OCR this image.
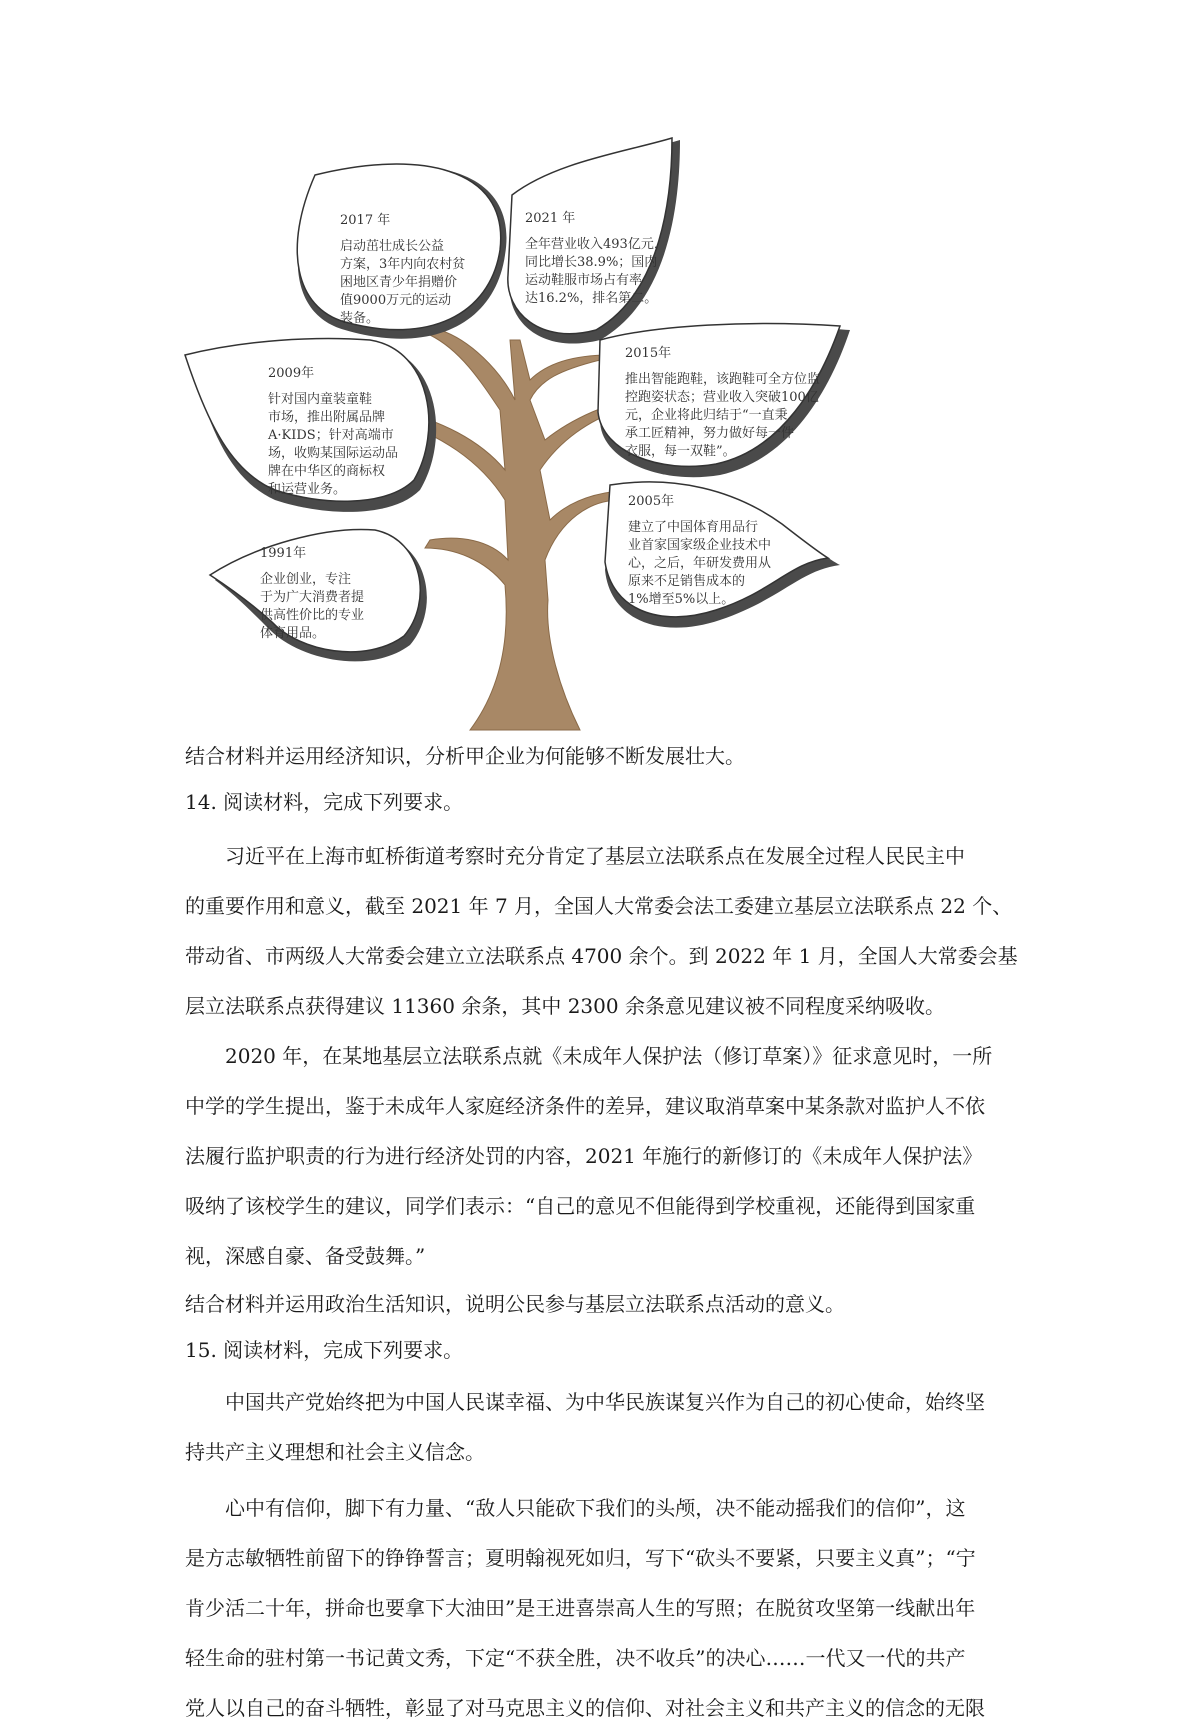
2017 年
启动茁壮成长公益
方案，3年内向农村贫
困地区青少年捐赠价
值9000万元的运动
装备。
2021 年
全年营业收入493亿元，
同比增长38.9%；国内
运动鞋服市场占有率
达16.2%，排名第二。
2009年
针对国内童装童鞋
市场，推出附属品牌
A·KIDS；针对高端市
场，收购某国际运动品
牌在中华区的商标权
和运营业务。
2015年
推出智能跑鞋，该跑鞋可全方位监
控跑姿状态；营业收入突破100亿
元，企业将此归结于“一直秉
承工匠精神，努力做好每一件
衣服，每一双鞋”。
2005年
建立了中国体育用品行
业首家国家级企业技术中
心，之后，年研发费用从
原来不足销售成本的
1%增至5%以上。
1991年
企业创业，专注
于为广大消费者提
供高性价比的专业
体育用品。
结合材料并运用经济知识，分析甲企业为何能够不断发展壮大。
14. 阅读材料，完成下列要求。
习近平在上海市虹桥街道考察时充分肯定了基层立法联系点在发展全过程人民民主中
的重要作用和意义，截至 2021 年 7 月，全国人大常委会法工委建立基层立法联系点 22 个、
带动省、市两级人大常委会建立立法联系点 4700 余个。到 2022 年 1 月，全国人大常委会基
层立法联系点获得建议 11360 余条，其中 2300 余条意见建议被不同程度采纳吸收。
2020 年，在某地基层立法联系点就《未成年人保护法（修订草案）》征求意见时，一所
中学的学生提出，鉴于未成年人家庭经济条件的差异，建议取消草案中某条款对监护人不依
法履行监护职责的行为进行经济处罚的内容，2021 年施行的新修订的《未成年人保护法》
吸纳了该校学生的建议，同学们表示：“自己的意见不但能得到学校重视，还能得到国家重
视，深感自豪、备受鼓舞。”
结合材料并运用政治生活知识，说明公民参与基层立法联系点活动的意义。
15. 阅读材料，完成下列要求。
中国共产党始终把为中国人民谋幸福、为中华民族谋复兴作为自己的初心使命，始终坚
持共产主义理想和社会主义信念。
心中有信仰，脚下有力量、“敌人只能砍下我们的头颅，决不能动摇我们的信仰”，这
是方志敏牺牲前留下的铮铮誓言；夏明翰视死如归，写下“砍头不要紧，只要主义真”；“宁
肯少活二十年，拼命也要拿下大油田”是王进喜崇高人生的写照；在脱贫攻坚第一线献出年
轻生命的驻村第一书记黄文秀，下定“不获全胜，决不收兵”的决心……一代又一代的共产
党人以自己的奋斗牺牲，彰显了对马克思主义的信仰、对社会主义和共产主义的信念的无限
